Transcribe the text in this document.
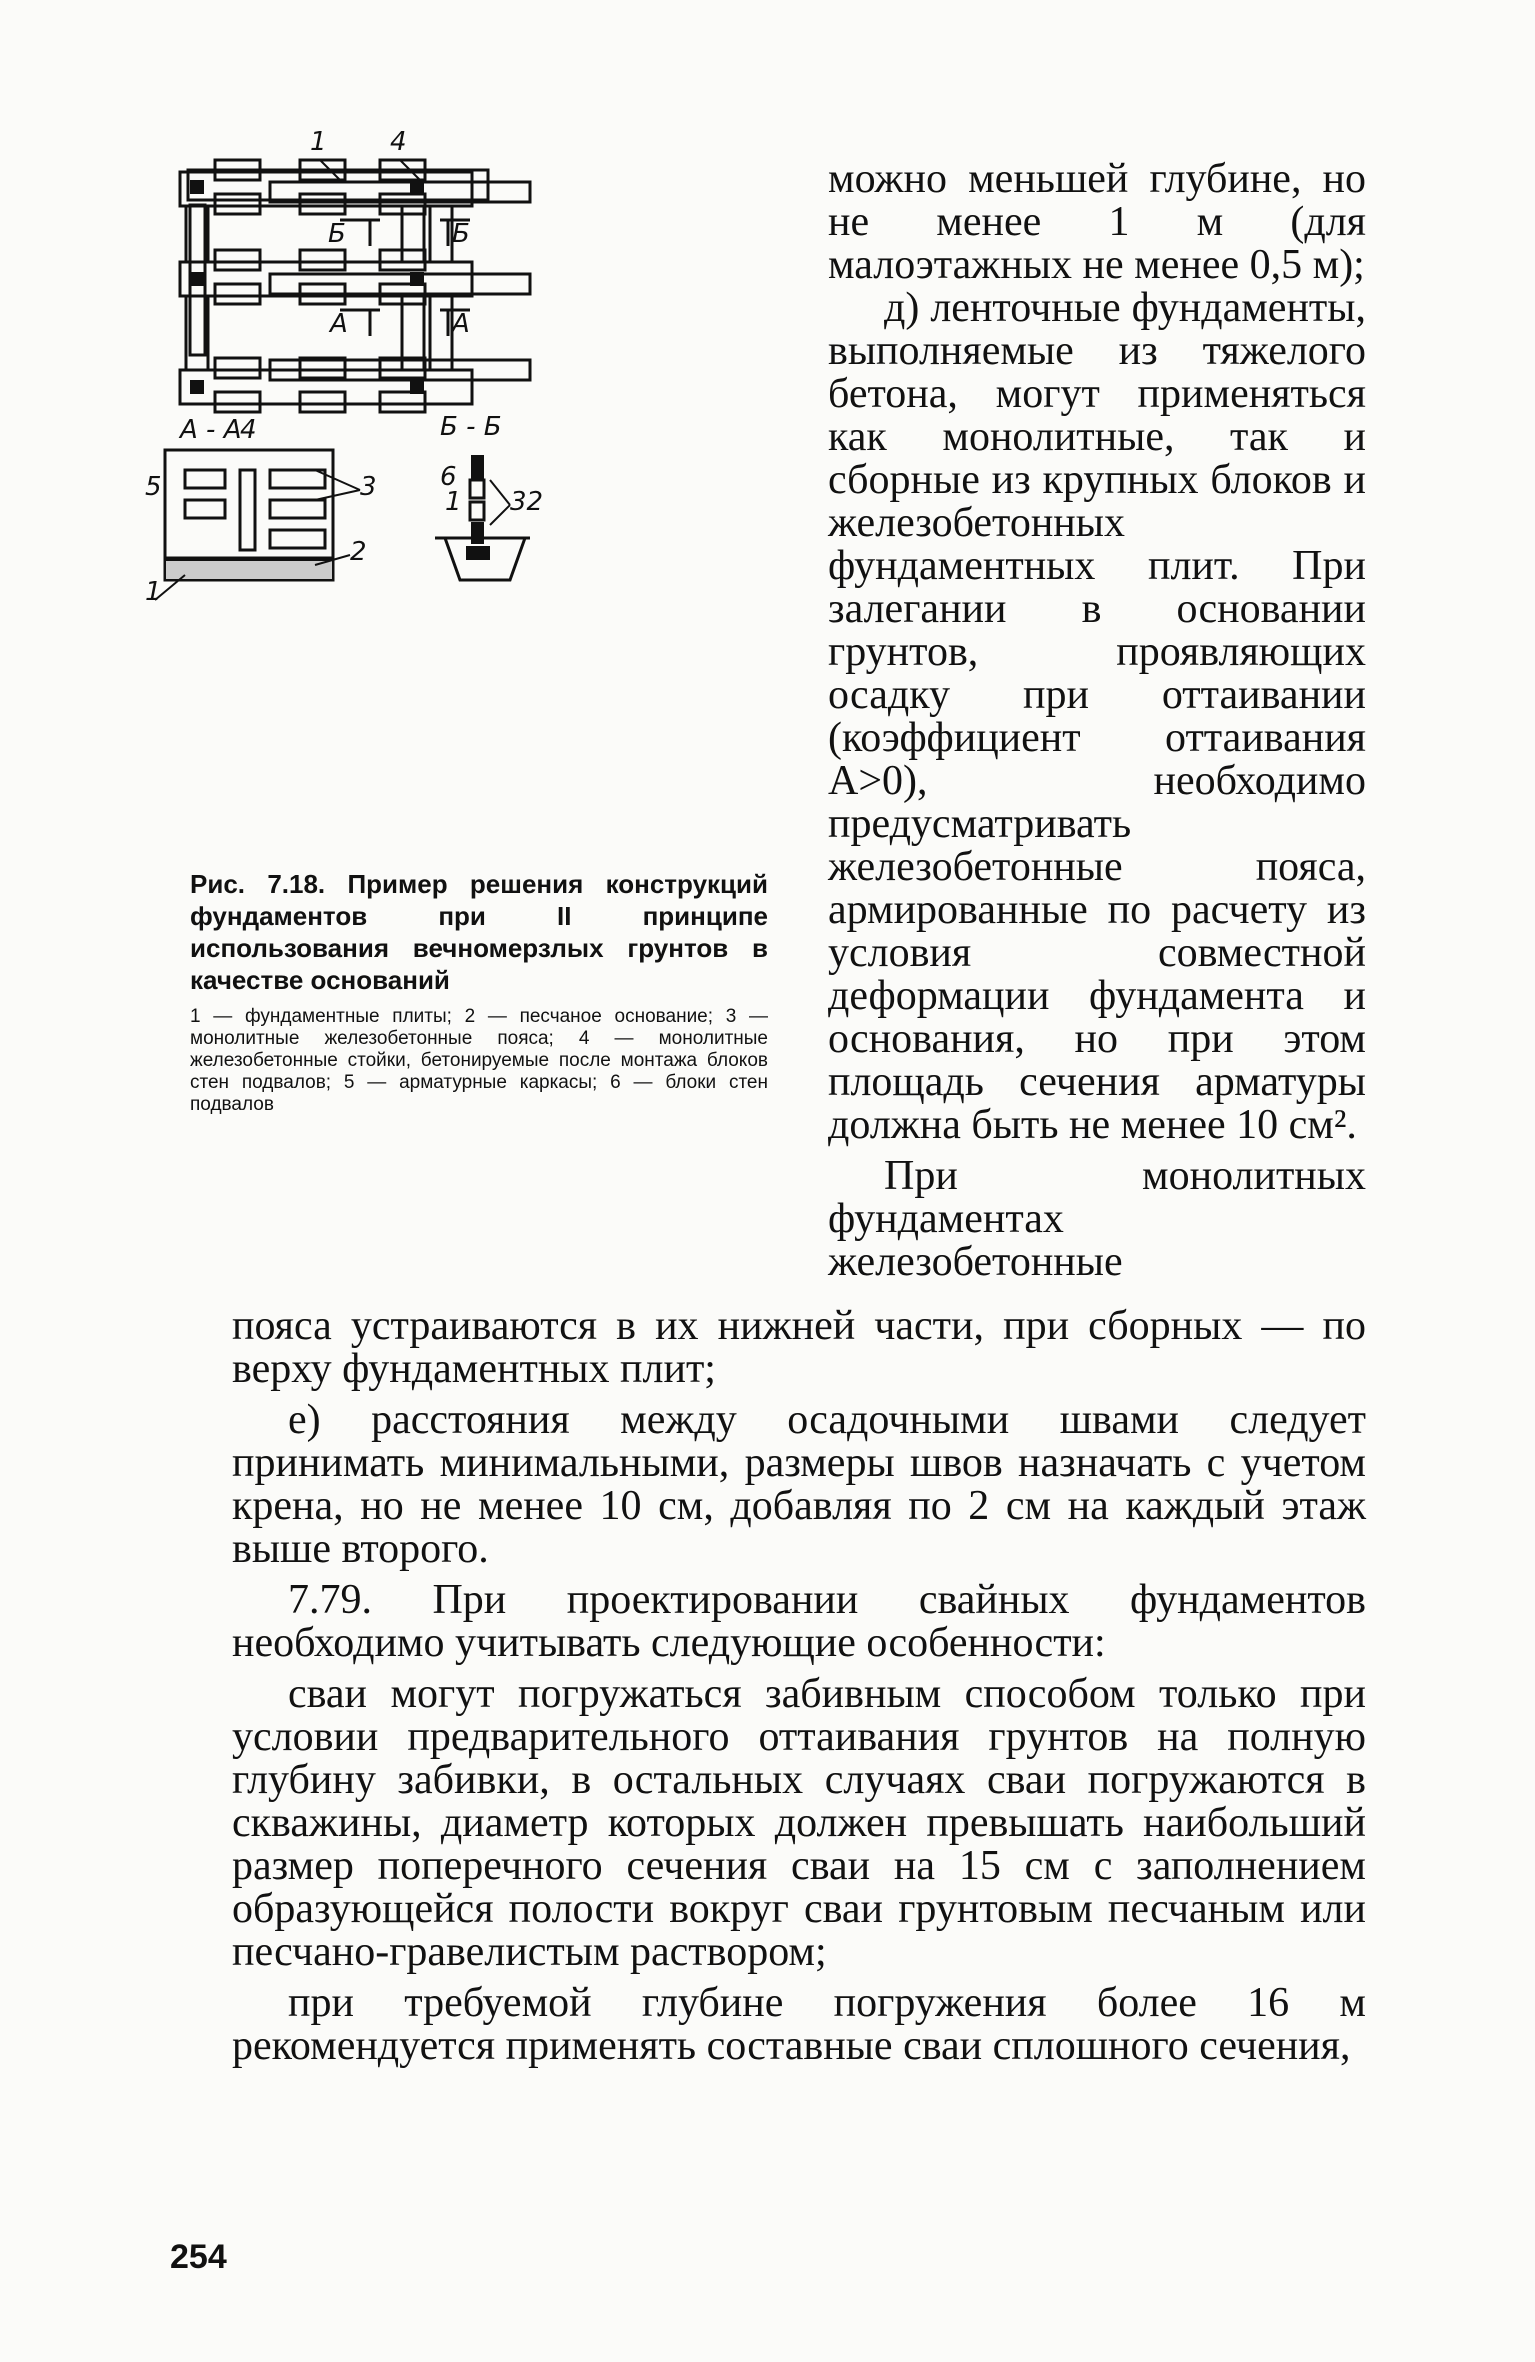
1 4
Б	Б
А	А
А - А
4
5	3
2
1
Б - Б
6
1 32
Рис. 7.18. Пример решения конструкций фундаментов при II принципе использования вечномерзлых грунтов в качестве оснований
1 — фундаментные плиты; 2 — песчаное основание; 3 — монолитные железобетонные пояса; 4 — монолитные железобетонные стойки, бетонируемые после монтажа блоков стен подвалов; 5 — арматурные каркасы; 6 — блоки стен подвалов

можно меньшей глубине, но не менее 1 м (для малоэтажных не менее 0,5 м);

д) ленточные фундаменты, выполняемые из тяжелого бетона, могут применяться как монолитные, так и сборные из крупных блоков и железобетонных фундаментных плит. При залегании в основании грунтов, проявляющих осадку при оттаивании (коэффициент оттаивания A>0), необходимо предусматривать железобетонные пояса, армированные по расчету из условия совместной деформации фундамента и основания, но при этом площадь сечения арматуры должна быть не менее 10 см².

При монолитных фундаментах железобетонные

пояса устраиваются в их нижней части, при сборных — по верху фундаментных плит;

е) расстояния между осадочными швами следует принимать минимальными, размеры швов назначать с учетом крена, но не менее 10 см, добавляя по 2 см на каждый этаж выше второго.

7.79. При проектировании свайных фундаментов необходимо учитывать следующие особенности:

сваи могут погружаться забивным способом только при условии предварительного оттаивания грунтов на полную глубину забивки, в остальных случаях сваи погружаются в скважины, диаметр которых должен превышать наибольший размер поперечного сечения сваи на 15 см с заполнением образующейся полости вокруг сваи грунтовым песчаным или песчано-гравелистым раствором;

при требуемой глубине погружения более 16 м рекомендуется применять составные сваи сплошного сечения,

254
